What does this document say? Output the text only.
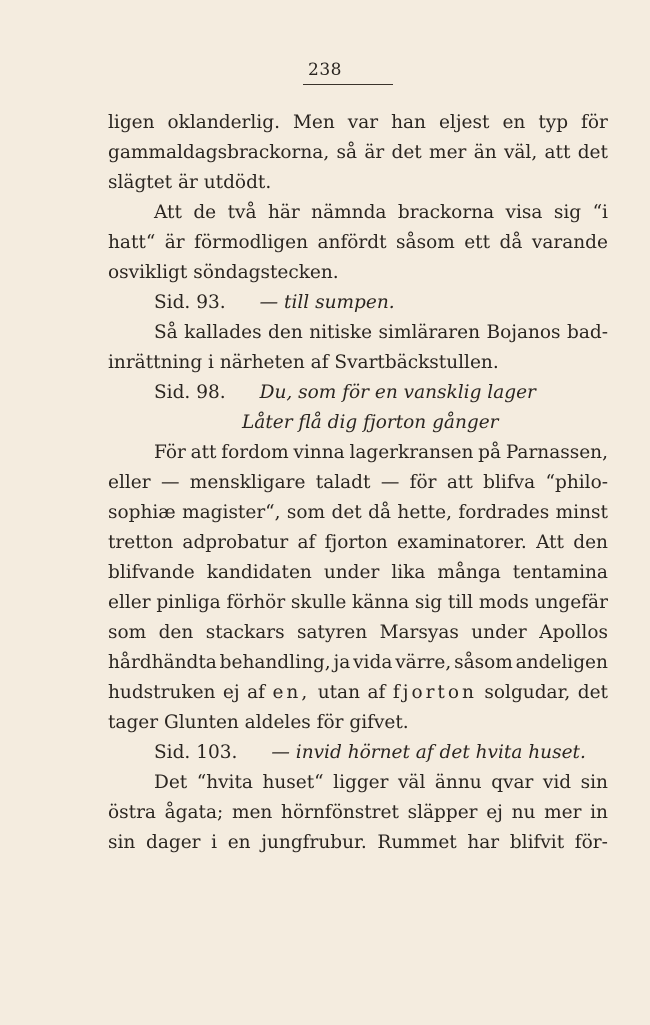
238
ligen oklanderlig. Men var han eljest en typ för
gammaldagsbrackorna, så är det mer än väl, att det
slägtet är utdödt.
Att de två här nämnda brackorna visa sig “i
hatt“ är förmodligen anfördt såsom ett då varande
osvikligt söndagstecken.
Sid. 93. — till sumpen.
Så kallades den nitiske simläraren Bojanos bad-
inrättning i närheten af Svartbäckstullen.
Sid. 98. Du, som för en vansklig lager
Låter flå dig fjorton gånger
För att fordom vinna lagerkransen på Parnassen,
eller — menskligare taladt — för att blifva “philo-
sophiæ magister“, som det då hette, fordrades minst
tretton adprobatur af fjorton examinatorer. Att den
blifvande kandidaten under lika många tentamina
eller pinliga förhör skulle känna sig till mods ungefär
som den stackars satyren Marsyas under Apollos
hårdhändta behandling, ja vida värre, såsom andeligen
hudstruken ej af en, utan af fjorton solgudar, det
tager Glunten aldeles för gifvet.
Sid. 103. — invid hörnet af det hvita huset.
Det “hvita huset“ ligger väl ännu qvar vid sin
östra ågata; men hörnfönstret släpper ej nu mer in
sin dager i en jungfrubur. Rummet har blifvit för-
